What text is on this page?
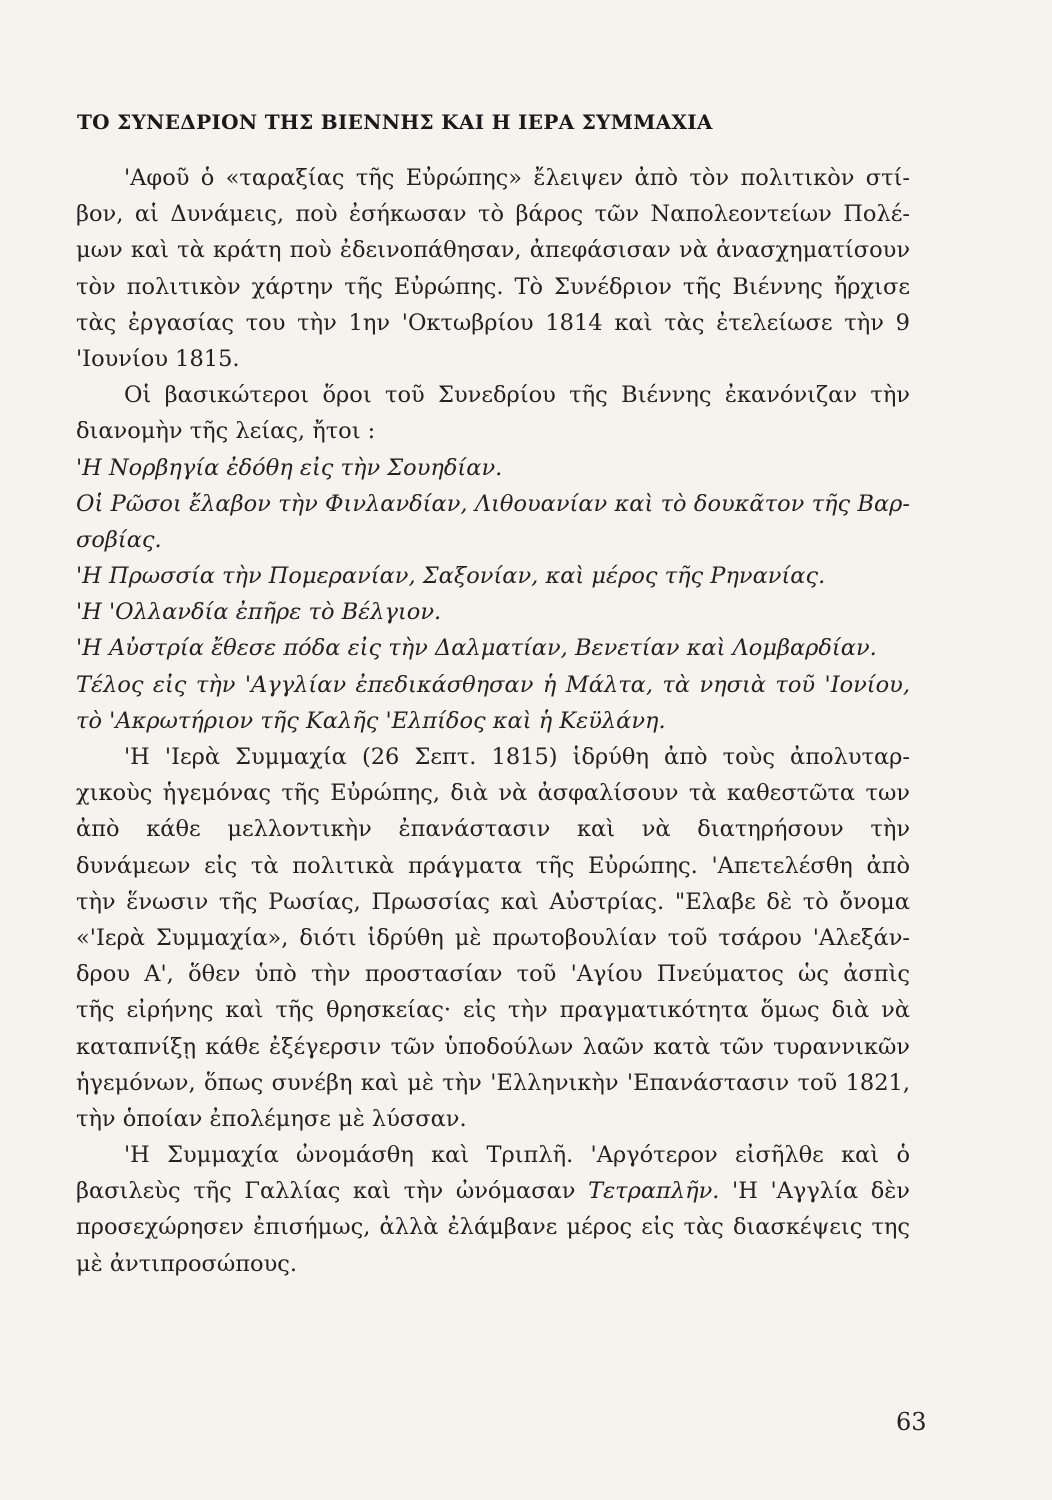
ΤΟ ΣΥΝΕΔΡΙΟΝ ΤΗΣ ΒΙΕΝΝΗΣ ΚΑΙ Η ΙΕΡΑ ΣΥΜΜΑΧΙΑ
'Αφοῦ ὁ «ταραξίας τῆς Εὐρώπης» ἔλειψεν ἀπὸ τὸν πολιτικὸν στί-
βον, αἱ Δυνάμεις, ποὺ ἐσήκωσαν τὸ βάρος τῶν Ναπολεοντείων Πολέ-
μων καὶ τὰ κράτη ποὺ ἐδεινοπάθησαν, ἀπεφάσισαν νὰ ἀνασχηματίσουν
τὸν πολιτικὸν χάρτην τῆς Εὐρώπης. Τὸ Συνέδριον τῆς Βιέννης ἤρχισε
τὰς ἐργασίας του τὴν 1ην 'Οκτωβρίου 1814 καὶ τὰς ἐτελείωσε τὴν 9
'Ιουνίου 1815.
Οἱ βασικώτεροι ὅροι τοῦ Συνεδρίου τῆς Βιέννης ἐκανόνιζαν τὴν
διανομὴν τῆς λείας, ἤτοι :
'Η Νορβηγία ἐδόθη εἰς τὴν Σουηδίαν.
Οἱ Ρῶσοι ἔλαβον τὴν Φινλανδίαν, Λιθουανίαν καὶ τὸ δουκᾶτον τῆς Βαρ-
σοβίας.
'Η Πρωσσία τὴν Πομερανίαν, Σαξονίαν, καὶ μέρος τῆς Ρηνανίας.
'Η 'Ολλανδία ἐπῆρε τὸ Βέλγιον.
'Η Αὐστρία ἔθεσε πόδα εἰς τὴν Δαλματίαν, Βενετίαν καὶ Λομβαρδίαν.
Τέλος εἰς τὴν 'Αγγλίαν ἐπεδικάσθησαν ἡ Μάλτα, τὰ νησιὰ τοῦ 'Ιονίου,
τὸ 'Ακρωτήριον τῆς Καλῆς 'Ελπίδος καὶ ἡ Κεϋλάνη.
'Η 'Ιερὰ Συμμαχία (26 Σεπτ. 1815) ἱδρύθη ἀπὸ τοὺς ἀπολυταρ-
χικοὺς ἡγεμόνας τῆς Εὐρώπης, διὰ νὰ ἀσφαλίσουν τὰ καθεστῶτα των
ἀπὸ κάθε μελλοντικὴν ἐπανάστασιν καὶ νὰ διατηρήσουν τὴν
δυνάμεων εἰς τὰ πολιτικὰ πράγματα τῆς Εὐρώπης. 'Απετελέσθη ἀπὸ
τὴν ἕνωσιν τῆς Ρωσίας, Πρωσσίας καὶ Αὐστρίας. "Ελαβε δὲ τὸ ὄνομα
«'Ιερὰ Συμμαχία», διότι ἱδρύθη μὲ πρωτοβουλίαν τοῦ τσάρου 'Αλεξάν-
δρου Α', ὅθεν ὑπὸ τὴν προστασίαν τοῦ 'Αγίου Πνεύματος ὡς ἀσπὶς
τῆς εἰρήνης καὶ τῆς θρησκείας· εἰς τὴν πραγματικότητα ὅμως διὰ νὰ
καταπνίξῃ κάθε ἐξέγερσιν τῶν ὑποδούλων λαῶν κατὰ τῶν τυραννικῶν
ἡγεμόνων, ὅπως συνέβη καὶ μὲ τὴν 'Ελληνικὴν 'Επανάστασιν τοῦ 1821,
τὴν ὁποίαν ἐπολέμησε μὲ λύσσαν.
'Η Συμμαχία ὠνομάσθη καὶ Τριπλῆ. 'Αργότερον εἰσῆλθε καὶ ὁ
βασιλεὺς τῆς Γαλλίας καὶ τὴν ὠνόμασαν Τετραπλῆν. 'Η 'Αγγλία δὲν
προσεχώρησεν ἐπισήμως, ἀλλὰ ἐλάμβανε μέρος εἰς τὰς διασκέψεις της
μὲ ἀντιπροσώπους.
63
